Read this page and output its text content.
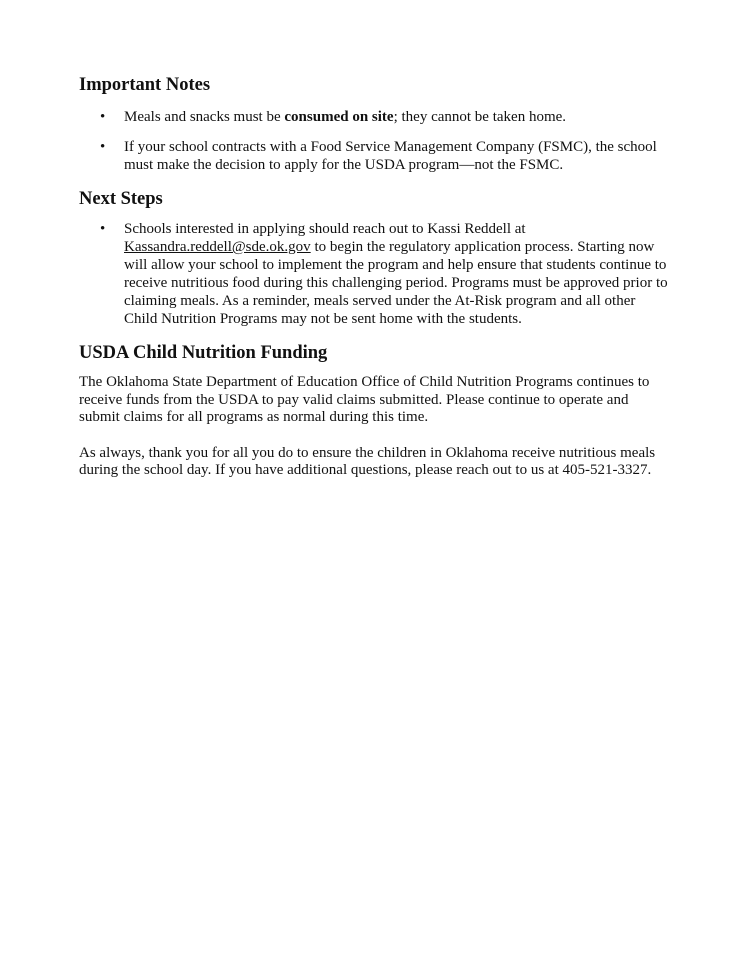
Important Notes
• Meals and snacks must be consumed on site; they cannot be taken home.
• If your school contracts with a Food Service Management Company (FSMC), the school must make the decision to apply for the USDA program—not the FSMC.
Next Steps
• Schools interested in applying should reach out to Kassi Reddell at Kassandra.reddell@sde.ok.gov to begin the regulatory application process. Starting now will allow your school to implement the program and help ensure that students continue to receive nutritious food during this challenging period. Programs must be approved prior to claiming meals. As a reminder, meals served under the At-Risk program and all other Child Nutrition Programs may not be sent home with the students.
USDA Child Nutrition Funding

The Oklahoma State Department of Education Office of Child Nutrition Programs continues to receive funds from the USDA to pay valid claims submitted. Please continue to operate and submit claims for all programs as normal during this time.

As always, thank you for all you do to ensure the children in Oklahoma receive nutritious meals during the school day. If you have additional questions, please reach out to us at 405-521-3327.
